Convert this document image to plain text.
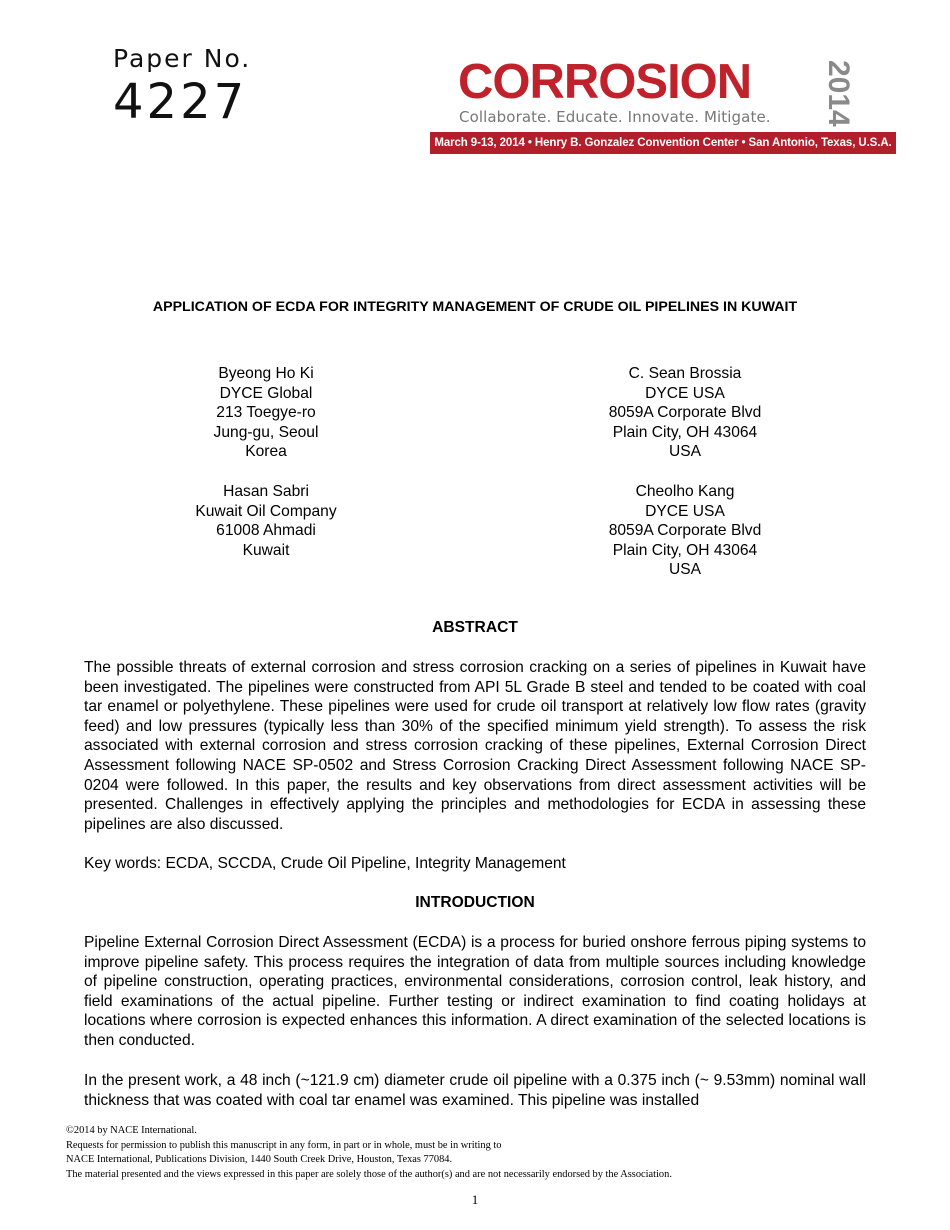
Paper No.
4227	CORROSION	2014
Collaborate. Educate. Innovate. Mitigate.
March 9-13, 2014 • Henry B. Gonzalez Convention Center • San Antonio, Texas, U.S.A.
APPLICATION OF ECDA FOR INTEGRITY MANAGEMENT OF CRUDE OIL PIPELINES IN KUWAIT
Byeong Ho Ki
DYCE Global
213 Toegye-ro
Jung-gu, Seoul
Korea
C. Sean Brossia
DYCE USA
8059A Corporate Blvd
Plain City, OH 43064
USA
Hasan Sabri
Kuwait Oil Company
61008 Ahmadi
Kuwait
Cheolho Kang
DYCE USA
8059A Corporate Blvd
Plain City, OH 43064
USA
ABSTRACT
The possible threats of external corrosion and stress corrosion cracking on a series of pipelines in Kuwait have been investigated. The pipelines were constructed from API 5L Grade B steel and tended to be coated with coal tar enamel or polyethylene. These pipelines were used for crude oil transport at relatively low flow rates (gravity feed) and low pressures (typically less than 30% of the specified minimum yield strength). To assess the risk associated with external corrosion and stress corrosion cracking of these pipelines, External Corrosion Direct Assessment following NACE SP-0502 and Stress Corrosion Cracking Direct Assessment following NACE SP-0204 were followed. In this paper, the results and key observations from direct assessment activities will be presented. Challenges in effectively applying the principles and methodologies for ECDA in assessing these pipelines are also discussed.
Key words: ECDA, SCCDA, Crude Oil Pipeline, Integrity Management
INTRODUCTION
Pipeline External Corrosion Direct Assessment (ECDA) is a process for buried onshore ferrous piping systems to improve pipeline safety. This process requires the integration of data from multiple sources including knowledge of pipeline construction, operating practices, environmental considerations, corrosion control, leak history, and field examinations of the actual pipeline. Further testing or indirect examination to find coating holidays at locations where corrosion is expected enhances this information. A direct examination of the selected locations is then conducted.
In the present work, a 48 inch (~121.9 cm) diameter crude oil pipeline with a 0.375 inch (~ 9.53mm) nominal wall thickness that was coated with coal tar enamel was examined. This pipeline was installed
©2014 by NACE International.
Requests for permission to publish this manuscript in any form, in part or in whole, must be in writing to
NACE International, Publications Division, 1440 South Creek Drive, Houston, Texas 77084.
The material presented and the views expressed in this paper are solely those of the author(s) and are not necessarily endorsed by the Association.
1
